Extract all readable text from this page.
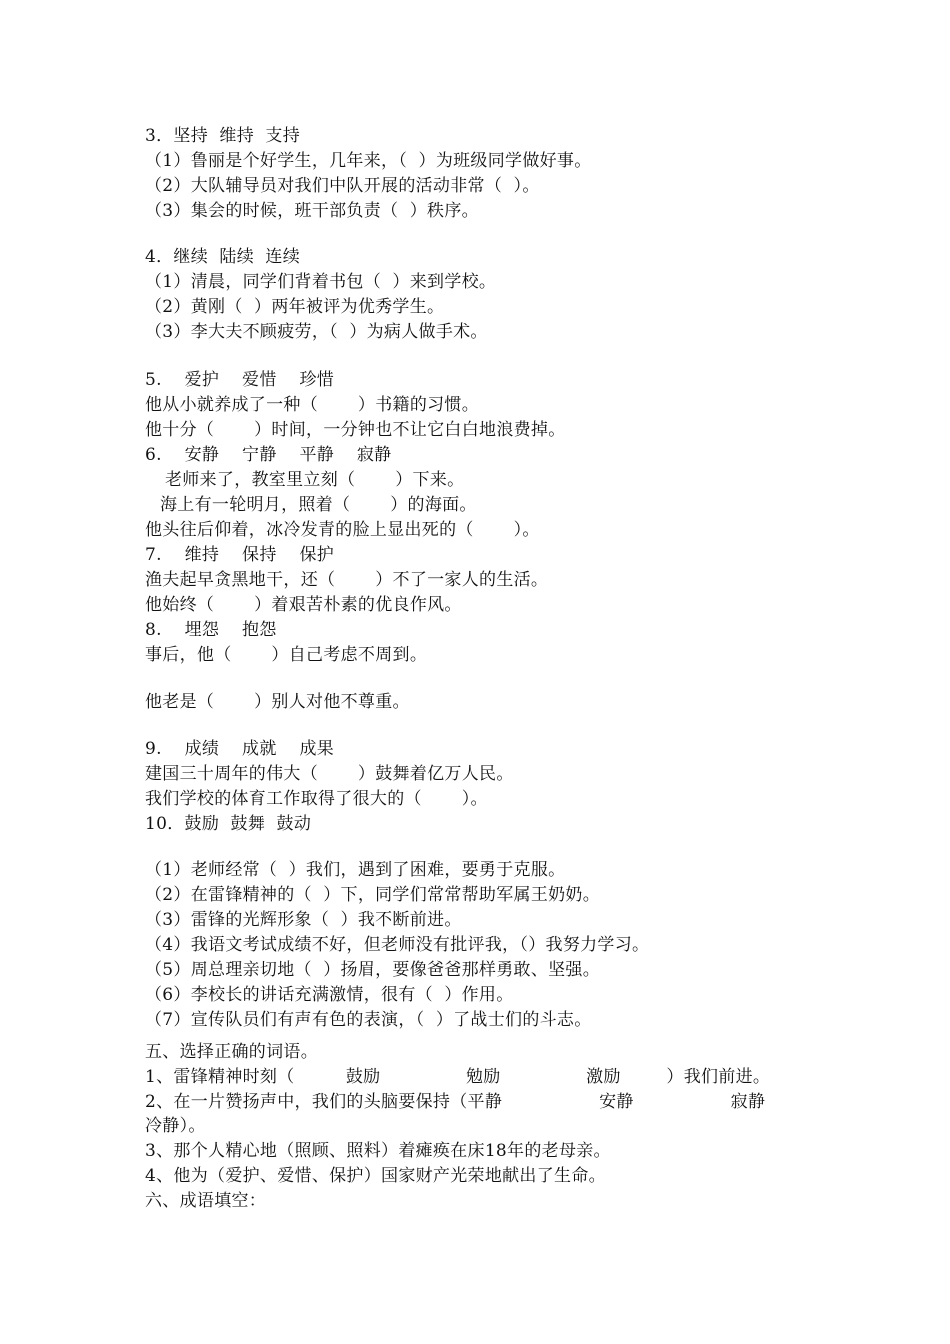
3．坚持  维持  支持
（1）鲁丽是个好学生，几年来，（  ）为班级同学做好事。
（2）大队辅导员对我们中队开展的活动非常（  ）。
（3）集会的时候，班干部负责（  ）秩序。
4．继续  陆续  连续
（1）清晨，同学们背着书包（  ）来到学校。
（2）黄刚（  ）两年被评为优秀学生。
（3）李大夫不顾疲劳，（  ）为病人做手术。
5.    爱护    爱惜    珍惜
他从小就养成了一种（       ）书籍的习惯。
他十分（       ）时间，一分钟也不让它白白地浪费掉。
6.    安静    宁静    平静    寂静
老师来了，教室里立刻（       ）下来。
海上有一轮明月，照着（       ）的海面。
他头往后仰着，冰冷发青的脸上显出死的（       ）。
7.    维持    保持    保护
渔夫起早贪黑地干，还（       ）不了一家人的生活。
他始终（       ）着艰苦朴素的优良作风。
8.    埋怨    抱怨
事后，他（       ）自己考虑不周到。
他老是（       ）别人对他不尊重。
9.    成绩    成就    成果
建国三十周年的伟大（       ）鼓舞着亿万人民。
我们学校的体育工作取得了很大的（       ）。
10．鼓励  鼓舞  鼓动
（1）老师经常（  ）我们，遇到了困难，要勇于克服。
（2）在雷锋精神的（  ）下，同学们常常帮助军属王奶奶。
（3）雷锋的光辉形象（  ）我不断前进。
（4）我语文考试成绩不好，但老师没有批评我，（）我努力学习。
（5）周总理亲切地（  ）扬眉，要像爸爸那样勇敢、坚强。
（6）李校长的讲话充满激情，很有（  ）作用。
（7）宣传队员们有声有色的表演，（  ）了战士们的斗志。
五、选择正确的词语。
1、雷锋精神时刻（         鼓励               勉励               激励        ）我们前进。
2、在一片赞扬声中，我们的头脑要保持（平静                 安静                 寂静
冷静）。
3、那个人精心地（照顾、照料）着瘫痪在床18年的老母亲。
4、他为（爱护、爱惜、保护）国家财产光荣地献出了生命。
六、成语填空：
